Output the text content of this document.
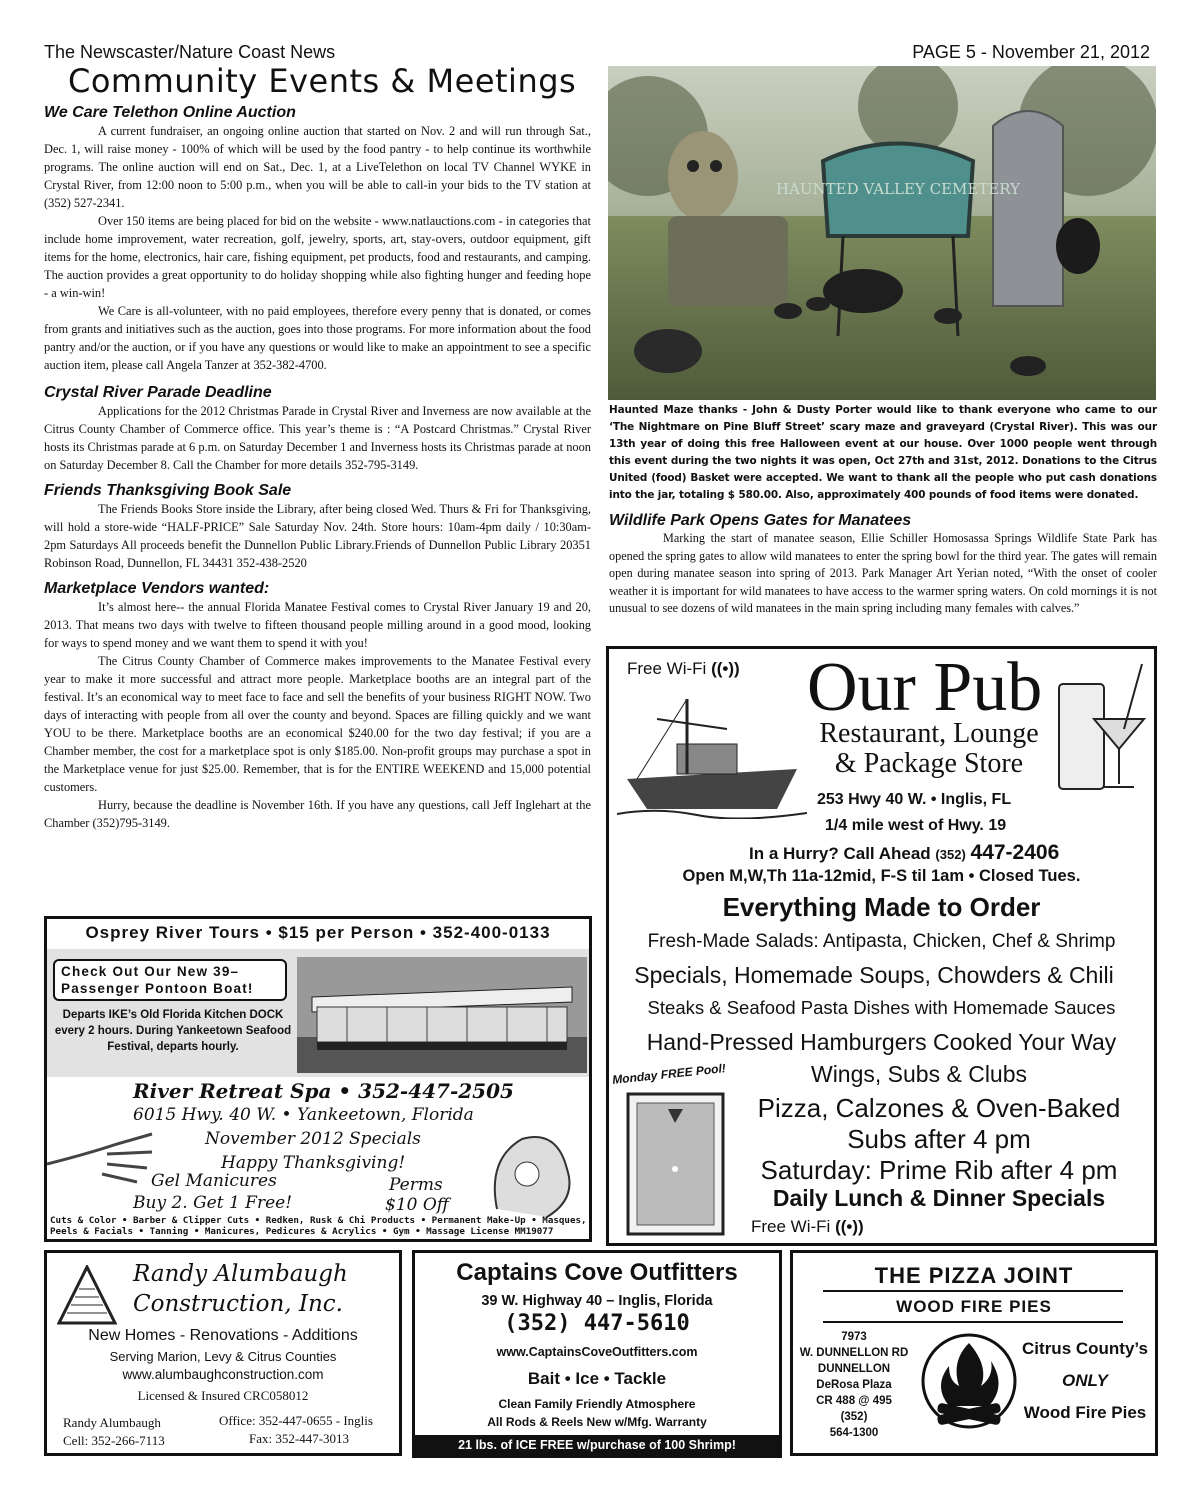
The Newscaster/Nature Coast News	PAGE 5 - November 21, 2012
Community Events & Meetings
We Care Telethon Online Auction

A current fundraiser, an ongoing online auction that started on Nov. 2 and will run through Sat., Dec. 1, will raise money - 100% of which will be used by the food pantry - to help continue its worthwhile programs. The online auction will end on Sat., Dec. 1, at a LiveTelethon on local TV Channel WYKE in Crystal River, from 12:00 noon to 5:00 p.m., when you will be able to call-in your bids to the TV station at (352) 527-2341.

Over 150 items are being placed for bid on the website - www.natlauctions.com - in categories that include home improvement, water recreation, golf, jewelry, sports, art, stay-overs, outdoor equipment, gift items for the home, electronics, hair care, fishing equipment, pet products, food and restaurants, and camping. The auction provides a great opportunity to do holiday shopping while also fighting hunger and feeding hope - a win-win!

We Care is all-volunteer, with no paid employees, therefore every penny that is donated, or comes from grants and initiatives such as the auction, goes into those programs. For more information about the food pantry and/or the auction, or if you have any questions or would like to make an appointment to see a specific auction item, please call Angela Tanzer at 352-382-4700.

Crystal River Parade Deadline

Applications for the 2012 Christmas Parade in Crystal River and Inverness are now available at the Citrus County Chamber of Commerce office. This year’s theme is : “A Postcard Christmas.” Crystal River hosts its Christmas parade at 6 p.m. on Saturday December 1 and Inverness hosts its Christmas parade at noon on Saturday December 8. Call the Chamber for more details 352-795-3149.

Friends Thanksgiving Book Sale

The Friends Books Store inside the Library, after being closed Wed. Thurs & Fri for Thanksgiving, will hold a store-wide “HALF-PRICE” Sale Saturday Nov. 24th. Store hours: 10am-4pm daily / 10:30am-2pm Saturdays All proceeds benefit the Dunnellon Public Library.Friends of Dunnellon Public Library 20351 Robinson Road, Dunnellon, FL 34431 352-438-2520

Marketplace Vendors wanted:

It’s almost here-- the annual Florida Manatee Festival comes to Crystal River January 19 and 20, 2013. That means two days with twelve to fifteen thousand people milling around in a good mood, looking for ways to spend money and we want them to spend it with you!

The Citrus County Chamber of Commerce makes improvements to the Manatee Festival every year to make it more successful and attract more people. Marketplace booths are an integral part of the festival. It’s an economical way to meet face to face and sell the benefits of your business RIGHT NOW. Two days of interacting with people from all over the county and beyond. Spaces are filling quickly and we want YOU to be there. Marketplace booths are an economical $240.00 for the two day festival; if you are a Chamber member, the cost for a marketplace spot is only $185.00. Non-profit groups may purchase a spot in the Marketplace venue for just $25.00. Remember, that is for the ENTIRE WEEKEND and 15,000 potential customers.

Hurry, because the deadline is November 16th. If you have any questions, call Jeff Inglehart at the Chamber (352)795-3149.

HAUNTED VALLEY CEMETERY
Haunted Maze thanks - John & Dusty Porter would like to thank everyone who came to our ‘The Nightmare on Pine Bluff Street’ scary maze and graveyard (Crystal River). This was our 13th year of doing this free Halloween event at our house. Over 1000 people went through this event during the two nights it was open, Oct 27th and 31st, 2012. Donations to the Citrus United (food) Basket were accepted. We want to thank all the people who put cash donations into the jar, totaling $ 580.00. Also, approximately 400 pounds of food items were donated.
Wildlife Park Opens Gates for Manatees

Marking the start of manatee season, Ellie Schiller Homosassa Springs Wildlife State Park has opened the spring gates to allow wild manatees to enter the spring bowl for the third year. The gates will remain open during manatee season into spring of 2013. Park Manager Art Yerian noted, “With the onset of cooler weather it is important for wild manatees to have access to the warmer spring waters. On cold mornings it is not unusual to see dozens of wild manatees in the main spring including many females with calves.”

Free Wi-Fi ((•)) Our Pub
Restaurant, Lounge
& Package Store
253 Hwy 40 W. • Inglis, FL
1/4 mile west of Hwy. 19
In a Hurry? Call Ahead (352) 447-2406
Open M,W,Th 11a-12mid, F-S til 1am • Closed Tues.
Everything Made to Order
Fresh-Made Salads: Antipasta, Chicken, Chef & Shrimp
Specials, Homemade Soups, Chowders & Chili
Steaks & Seafood Pasta Dishes with Homemade Sauces
Hand-Pressed Hamburgers Cooked Your Way
Monday FREE Pool!	Wings, Subs & Clubs
Pizza, Calzones & Oven-Baked
Subs after 4 pm
Saturday: Prime Rib after 4 pm
Daily Lunch & Dinner Specials
Free Wi-Fi ((•))
Osprey River Tours • $15 per Person • 352-400-0133
Check Out Our New 39–Passenger Pontoon Boat!
Departs IKE’s Old Florida Kitchen DOCK every 2 hours. During Yankeetown Seafood Festival, departs hourly.
River Retreat Spa • 352-447-2505
6015 Hwy. 40 W. • Yankeetown, Florida
November 2012 Specials
Happy Thanksgiving!
Gel Manicures
Buy 2. Get 1 Free!
Perms
$10 Off
Cuts & Color • Barber & Clipper Cuts • Redken, Rusk & Chi Products • Permanent Make-Up • Masques,
Peels & Facials • Tanning • Manicures, Pedicures & Acrylics • Gym • Massage License MM19077
Randy Alumbaugh
Construction, Inc.
New Homes - Renovations - Additions
Serving Marion, Levy & Citrus Counties
www.alumbaughconstruction.com
Licensed & Insured CRC058012
Randy Alumbaugh
Cell: 352-266-7113
Office: 352-447-0655 - Inglis
Fax: 352-447-3013
Captains Cove Outfitters
39 W. Highway 40 – Inglis, Florida
(352) 447-5610
www.CaptainsCoveOutfitters.com
Bait • Ice • Tackle
Clean Family Friendly Atmosphere
All Rods & Reels New w/Mfg. Warranty
21 lbs. of ICE FREE w/purchase of 100 Shrimp!
THE PIZZA JOINT
WOOD FIRE PIES
7973
W. DUNNELLON RD
DUNNELLON
DeRosa Plaza
CR 488 @ 495
(352)
564-1300
Citrus County’s
ONLY
Wood Fire Pies
